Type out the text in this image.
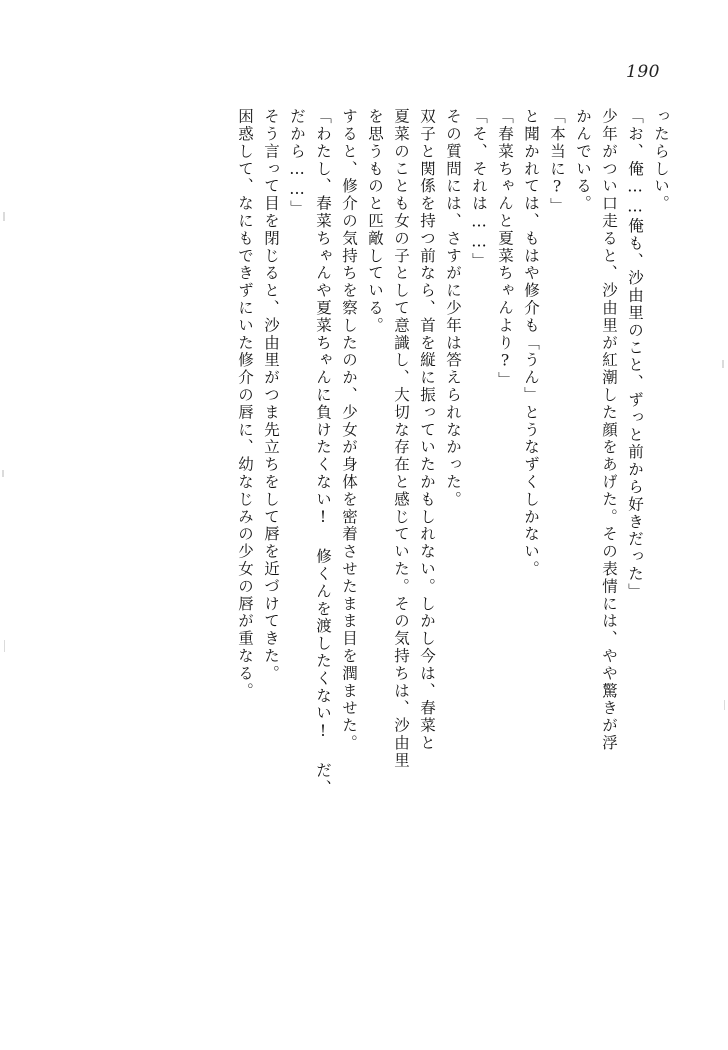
190
ったらしい。
「お、俺……俺も、沙由里のこと、ずっと前から好きだった」
少年がつい口走ると、沙由里が紅潮した顔をあげた。その表情には、やや驚きが浮
かんでいる。
「本当に?」
と聞かれては、もはや修介も「うん」とうなずくしかない。
「春菜ちゃんと夏菜ちゃんより?」
「そ、それは……」
その質問には、さすがに少年は答えられなかった。
双子と関係を持つ前なら、首を縦に振っていたかもしれない。しかし今は、春菜と
夏菜のことも女の子として意識し、大切な存在と感じていた。その気持ちは、沙由里
を思うものと匹敵している。
すると、修介の気持ちを察したのか、少女が身体を密着させたまま目を潤ませた。
「わたし、春菜ちゃんや夏菜ちゃんに負けたくない! 修くんを渡したくない! だ、
だから……」
そう言って目を閉じると、沙由里がつま先立ちをして唇を近づけてきた。
困惑して、なにもできずにいた修介の唇に、幼なじみの少女の唇が重なる。
